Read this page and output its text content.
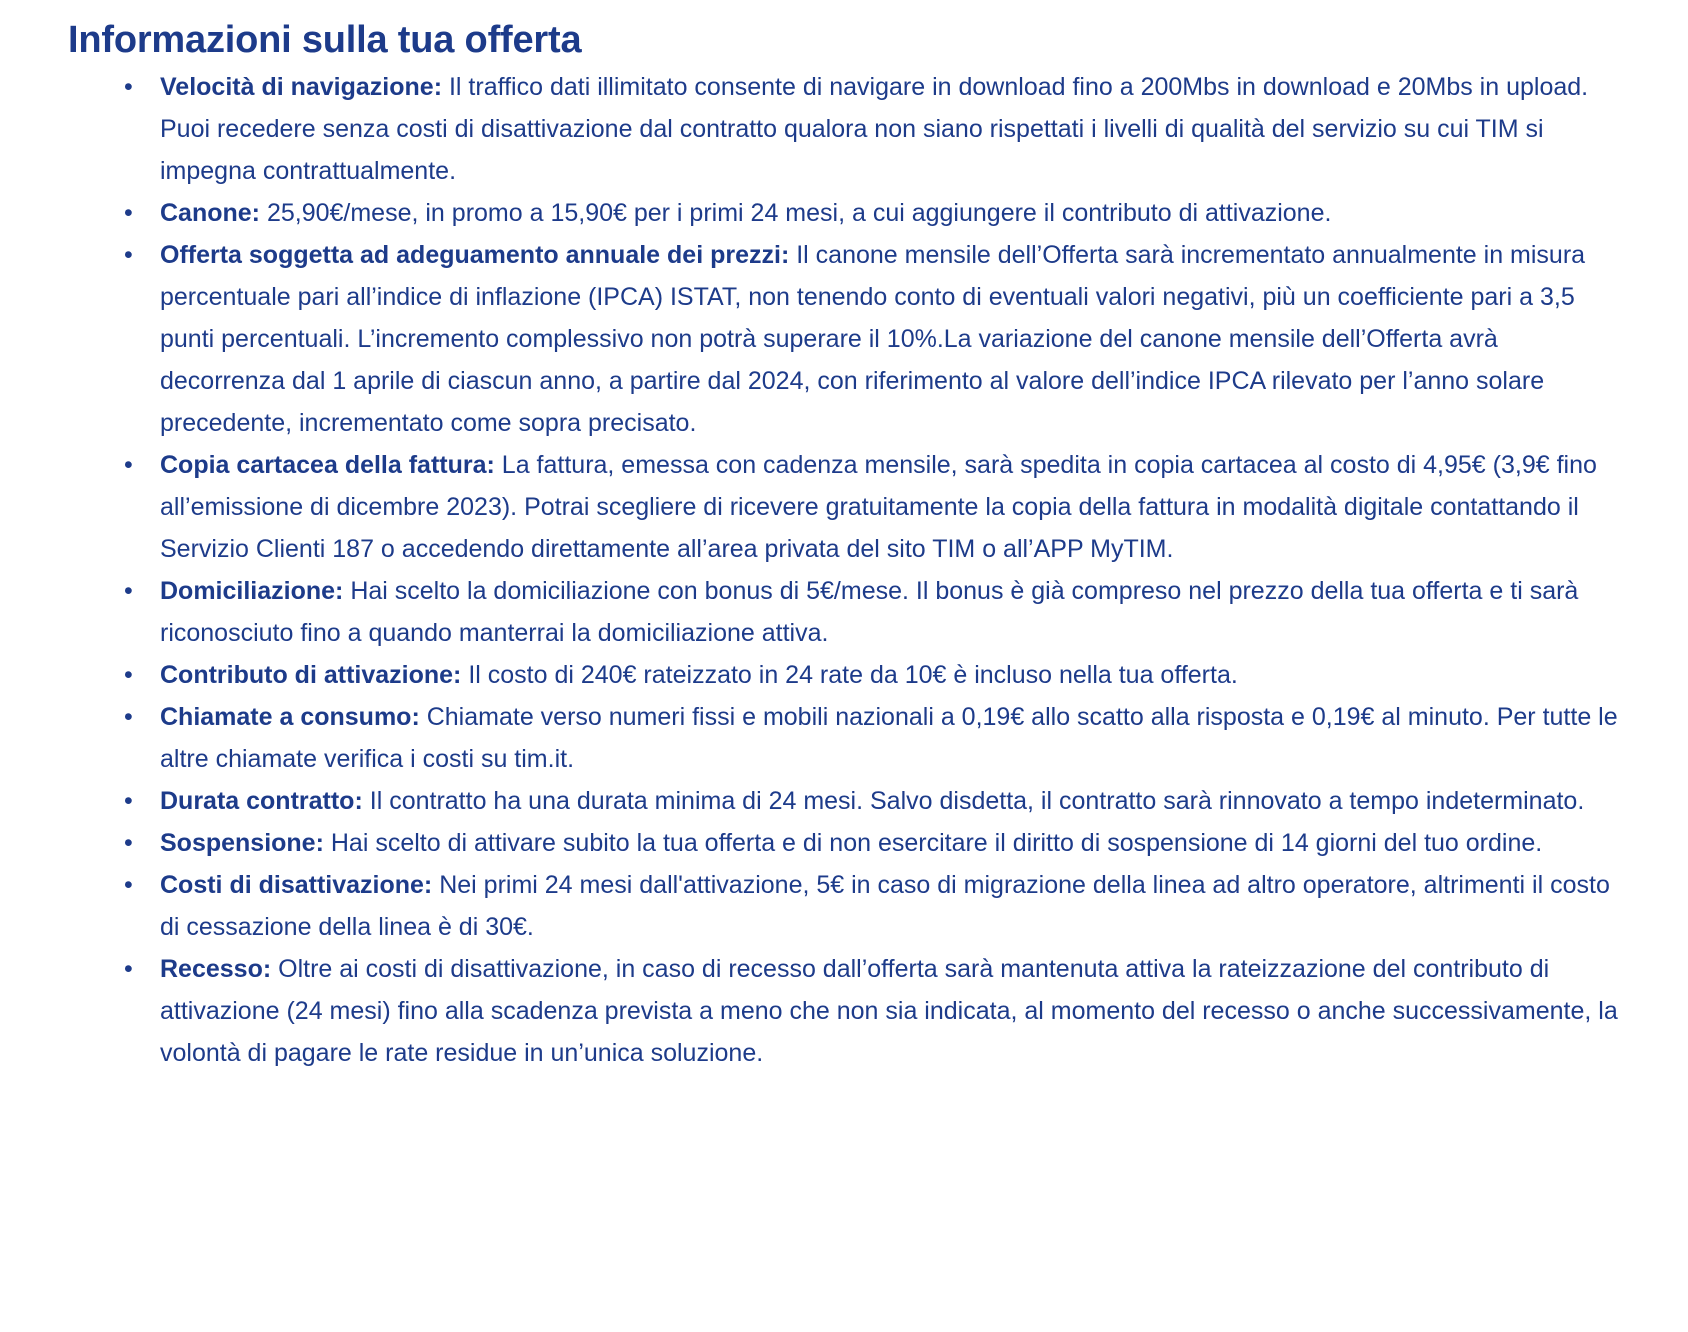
Informazioni sulla tua offerta
• Velocità di navigazione: Il traffico dati illimitato consente di navigare in download fino a 200Mbs in download e 20Mbs in upload. Puoi recedere senza costi di disattivazione dal contratto qualora non siano rispettati i livelli di qualità del servizio su cui TIM si impegna contrattualmente.
• Canone: 25,90€/mese, in promo a 15,90€ per i primi 24 mesi, a cui aggiungere il contributo di attivazione.
• Offerta soggetta ad adeguamento annuale dei prezzi: Il canone mensile dell’Offerta sarà incrementato annualmente in misura percentuale pari all’indice di inflazione (IPCA) ISTAT, non tenendo conto di eventuali valori negativi, più un coefficiente pari a 3,5 punti percentuali. L’incremento complessivo non potrà superare il 10%.La variazione del canone mensile dell’Offerta avrà decorrenza dal 1 aprile di ciascun anno, a partire dal 2024, con riferimento al valore dell’indice IPCA rilevato per l’anno solare precedente, incrementato come sopra precisato.
• Copia cartacea della fattura: La fattura, emessa con cadenza mensile, sarà spedita in copia cartacea al costo di 4,95€ (3,9€ fino all’emissione di dicembre 2023). Potrai scegliere di ricevere gratuitamente la copia della fattura in modalità digitale contattando il Servizio Clienti 187 o accedendo direttamente all’area privata del sito TIM o all’APP MyTIM.
• Domiciliazione: Hai scelto la domiciliazione con bonus di 5€/mese. Il bonus è già compreso nel prezzo della tua offerta e ti sarà riconosciuto fino a quando manterrai la domiciliazione attiva.
• Contributo di attivazione: Il costo di 240€ rateizzato in 24 rate da 10€ è incluso nella tua offerta.
• Chiamate a consumo: Chiamate verso numeri fissi e mobili nazionali a 0,19€ allo scatto alla risposta e 0,19€ al minuto. Per tutte le altre chiamate verifica i costi su tim.it.
• Durata contratto: Il contratto ha una durata minima di 24 mesi. Salvo disdetta, il contratto sarà rinnovato a tempo indeterminato.
• Sospensione: Hai scelto di attivare subito la tua offerta e di non esercitare il diritto di sospensione di 14 giorni del tuo ordine.
• Costi di disattivazione: Nei primi 24 mesi dall'attivazione, 5€ in caso di migrazione della linea ad altro operatore, altrimenti il costo di cessazione della linea è di 30€.
• Recesso: Oltre ai costi di disattivazione, in caso di recesso dall’offerta sarà mantenuta attiva la rateizzazione del contributo di attivazione (24 mesi) fino alla scadenza prevista a meno che non sia indicata, al momento del recesso o anche successivamente, la volontà di pagare le rate residue in un’unica soluzione.
